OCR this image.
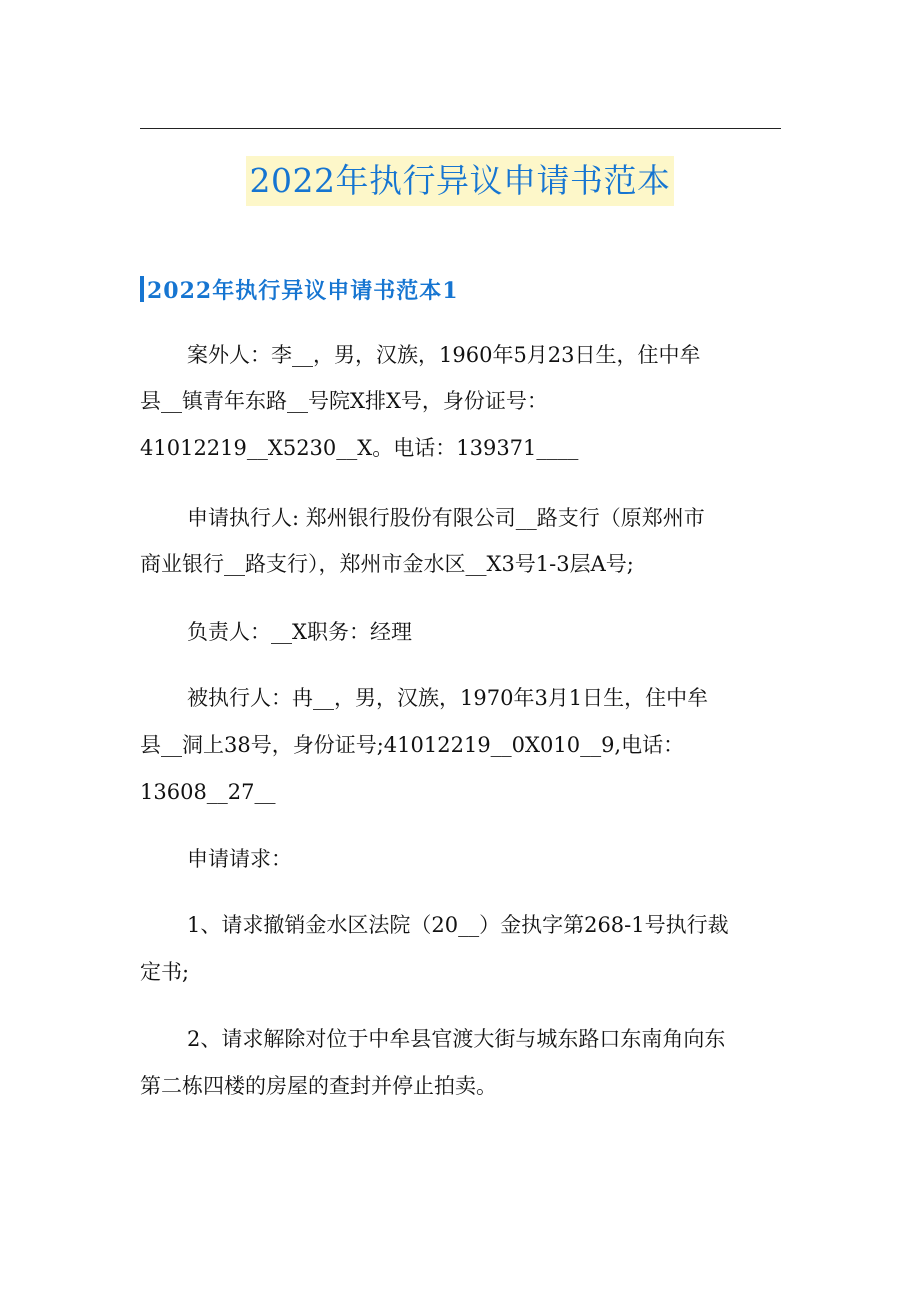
2022年执行异议申请书范本
2022年执行异议申请书范本1
案外人：李__，男，汉族，1960年5月23日生，住中牟
县__镇青年东路__号院X排X号，身份证号：
41012219__X5230__X。电话：139371____
申请执行人: 郑州银行股份有限公司__路支行（原郑州市
商业银行__路支行），郑州市金水区__X3号1-3层A号;
负责人：__X职务：经理
被执行人：冉__，男，汉族，1970年3月1日生，住中牟
县__洞上38号，身份证号;41012219__0X010__9,电话：
13608__27__
申请请求：
1、请求撤销金水区法院（20__）金执字第268-1号执行裁
定书;
2、请求解除对位于中牟县官渡大街与城东路口东南角向东
第二栋四楼的房屋的查封并停止拍卖。
